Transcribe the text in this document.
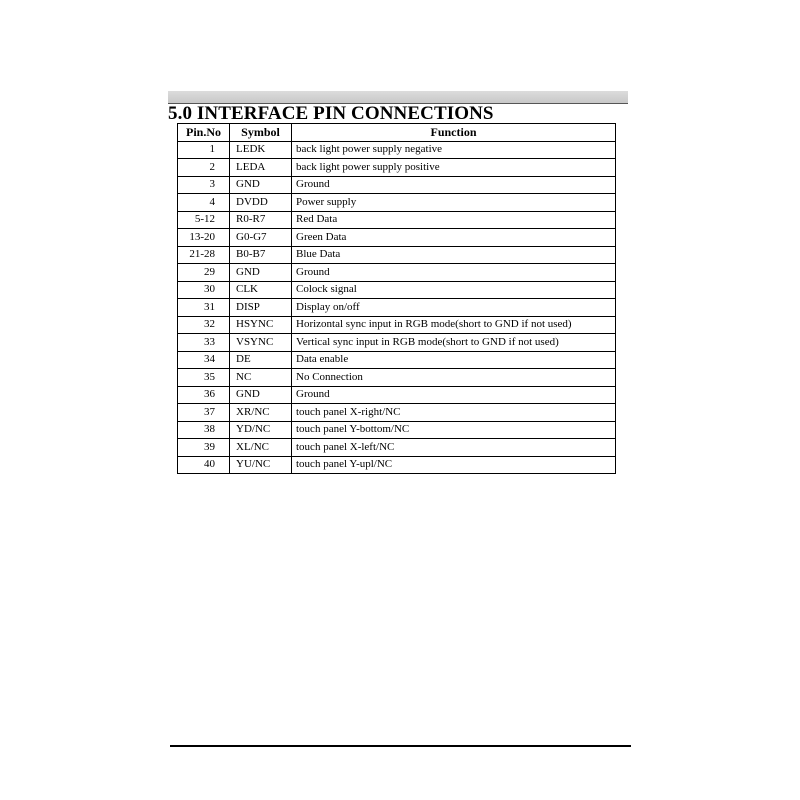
5.0 INTERFACE PIN CONNECTIONS
Pin.No	Symbol	Function
1	LEDK	back light power supply negative
2	LEDA	back light power supply positive
3	GND	Ground
4	DVDD	Power supply
5-12	R0-R7	Red Data
13-20	G0-G7	Green Data
21-28	B0-B7	Blue Data
29	GND	Ground
30	CLK	Colock signal
31	DISP	Display on/off
32	HSYNC	Horizontal sync input in RGB mode(short to GND if not used)
33	VSYNC	Vertical sync input in RGB mode(short to GND if not used)
34	DE	Data enable
35	NC	No Connection
36	GND	Ground
37	XR/NC	touch panel X-right/NC
38	YD/NC	touch panel Y-bottom/NC
39	XL/NC	touch panel X-left/NC
40	YU/NC	touch panel Y-upl/NC
